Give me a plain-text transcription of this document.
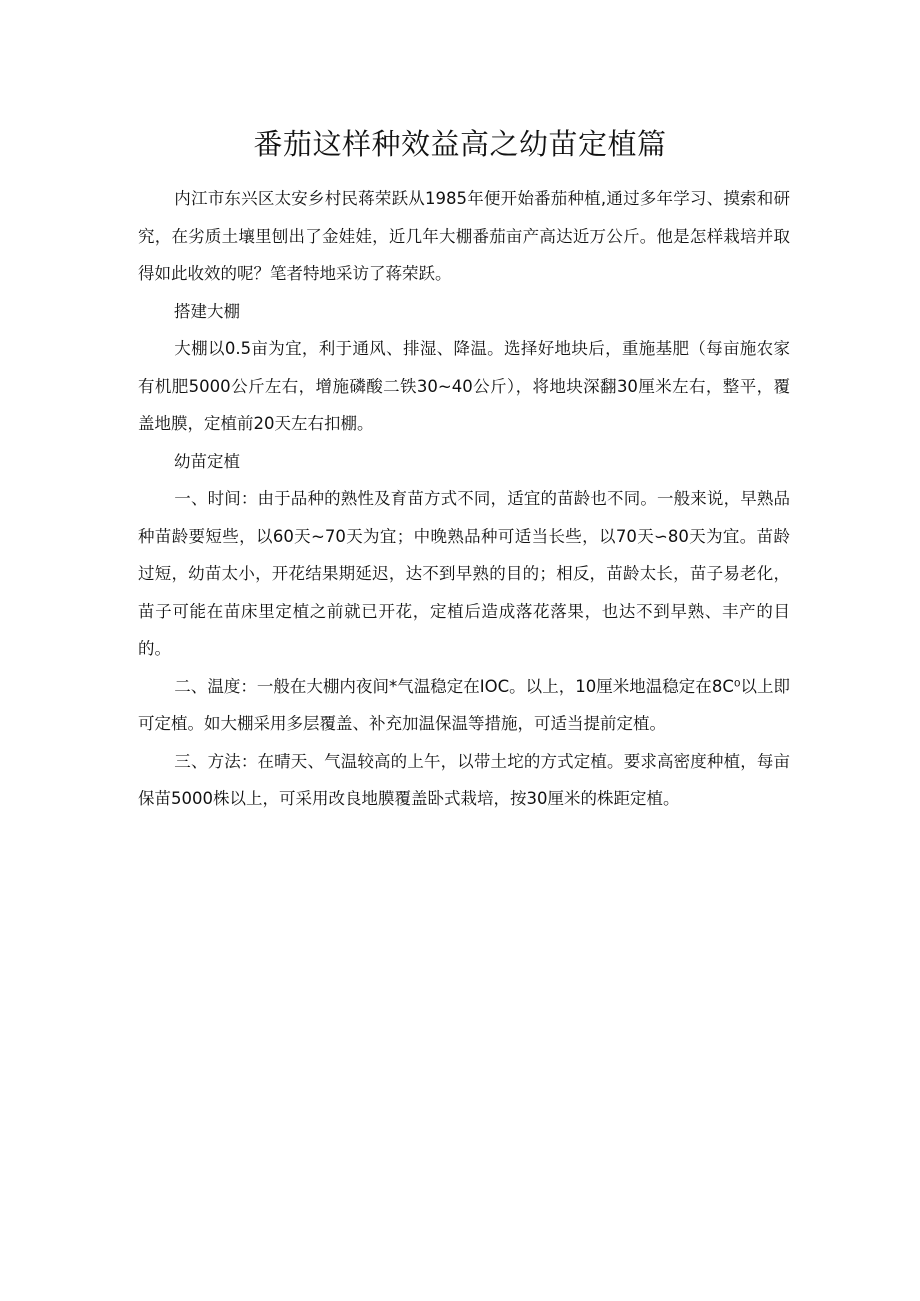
番茄这样种效益高之幼苗定植篇

内江市东兴区太安乡村民蒋荣跃从1985年便开始番茄种植,通过多年学习、摸索和研究，在劣质土壤里刨出了金娃娃，近几年大棚番茄亩产高达近万公斤。他是怎样栽培并取得如此收效的呢？笔者特地采访了蒋荣跃。

搭建大棚

大棚以0.5亩为宜，利于通风、排湿、降温。选择好地块后，重施基肥（每亩施农家有机肥5000公斤左右，增施磷酸二铁30~40公斤），将地块深翻30厘米左右，整平，覆盖地膜，定植前20天左右扣棚。

幼苗定植

一、时间：由于品种的熟性及育苗方式不同，适宜的苗龄也不同。一般来说，早熟品种苗龄要短些，以60天~70天为宜；中晚熟品种可适当长些，以70天∽80天为宜。苗龄过短，幼苗太小，开花结果期延迟，达不到早熟的目的；相反，苗龄太长，苗子易老化，苗子可能在苗床里定植之前就已开花，定植后造成落花落果，也达不到早熟、丰产的目的。

二、温度：一般在大棚内夜间*气温稳定在IOC。以上，10厘米地温稳定在8C⁰以上即可定植。如大棚采用多层覆盖、补充加温保温等措施，可适当提前定植。

三、方法：在晴天、气温较高的上午，以带土坨的方式定植。要求高密度种植，每亩保苗5000株以上，可采用改良地膜覆盖卧式栽培，按30厘米的株距定植。
